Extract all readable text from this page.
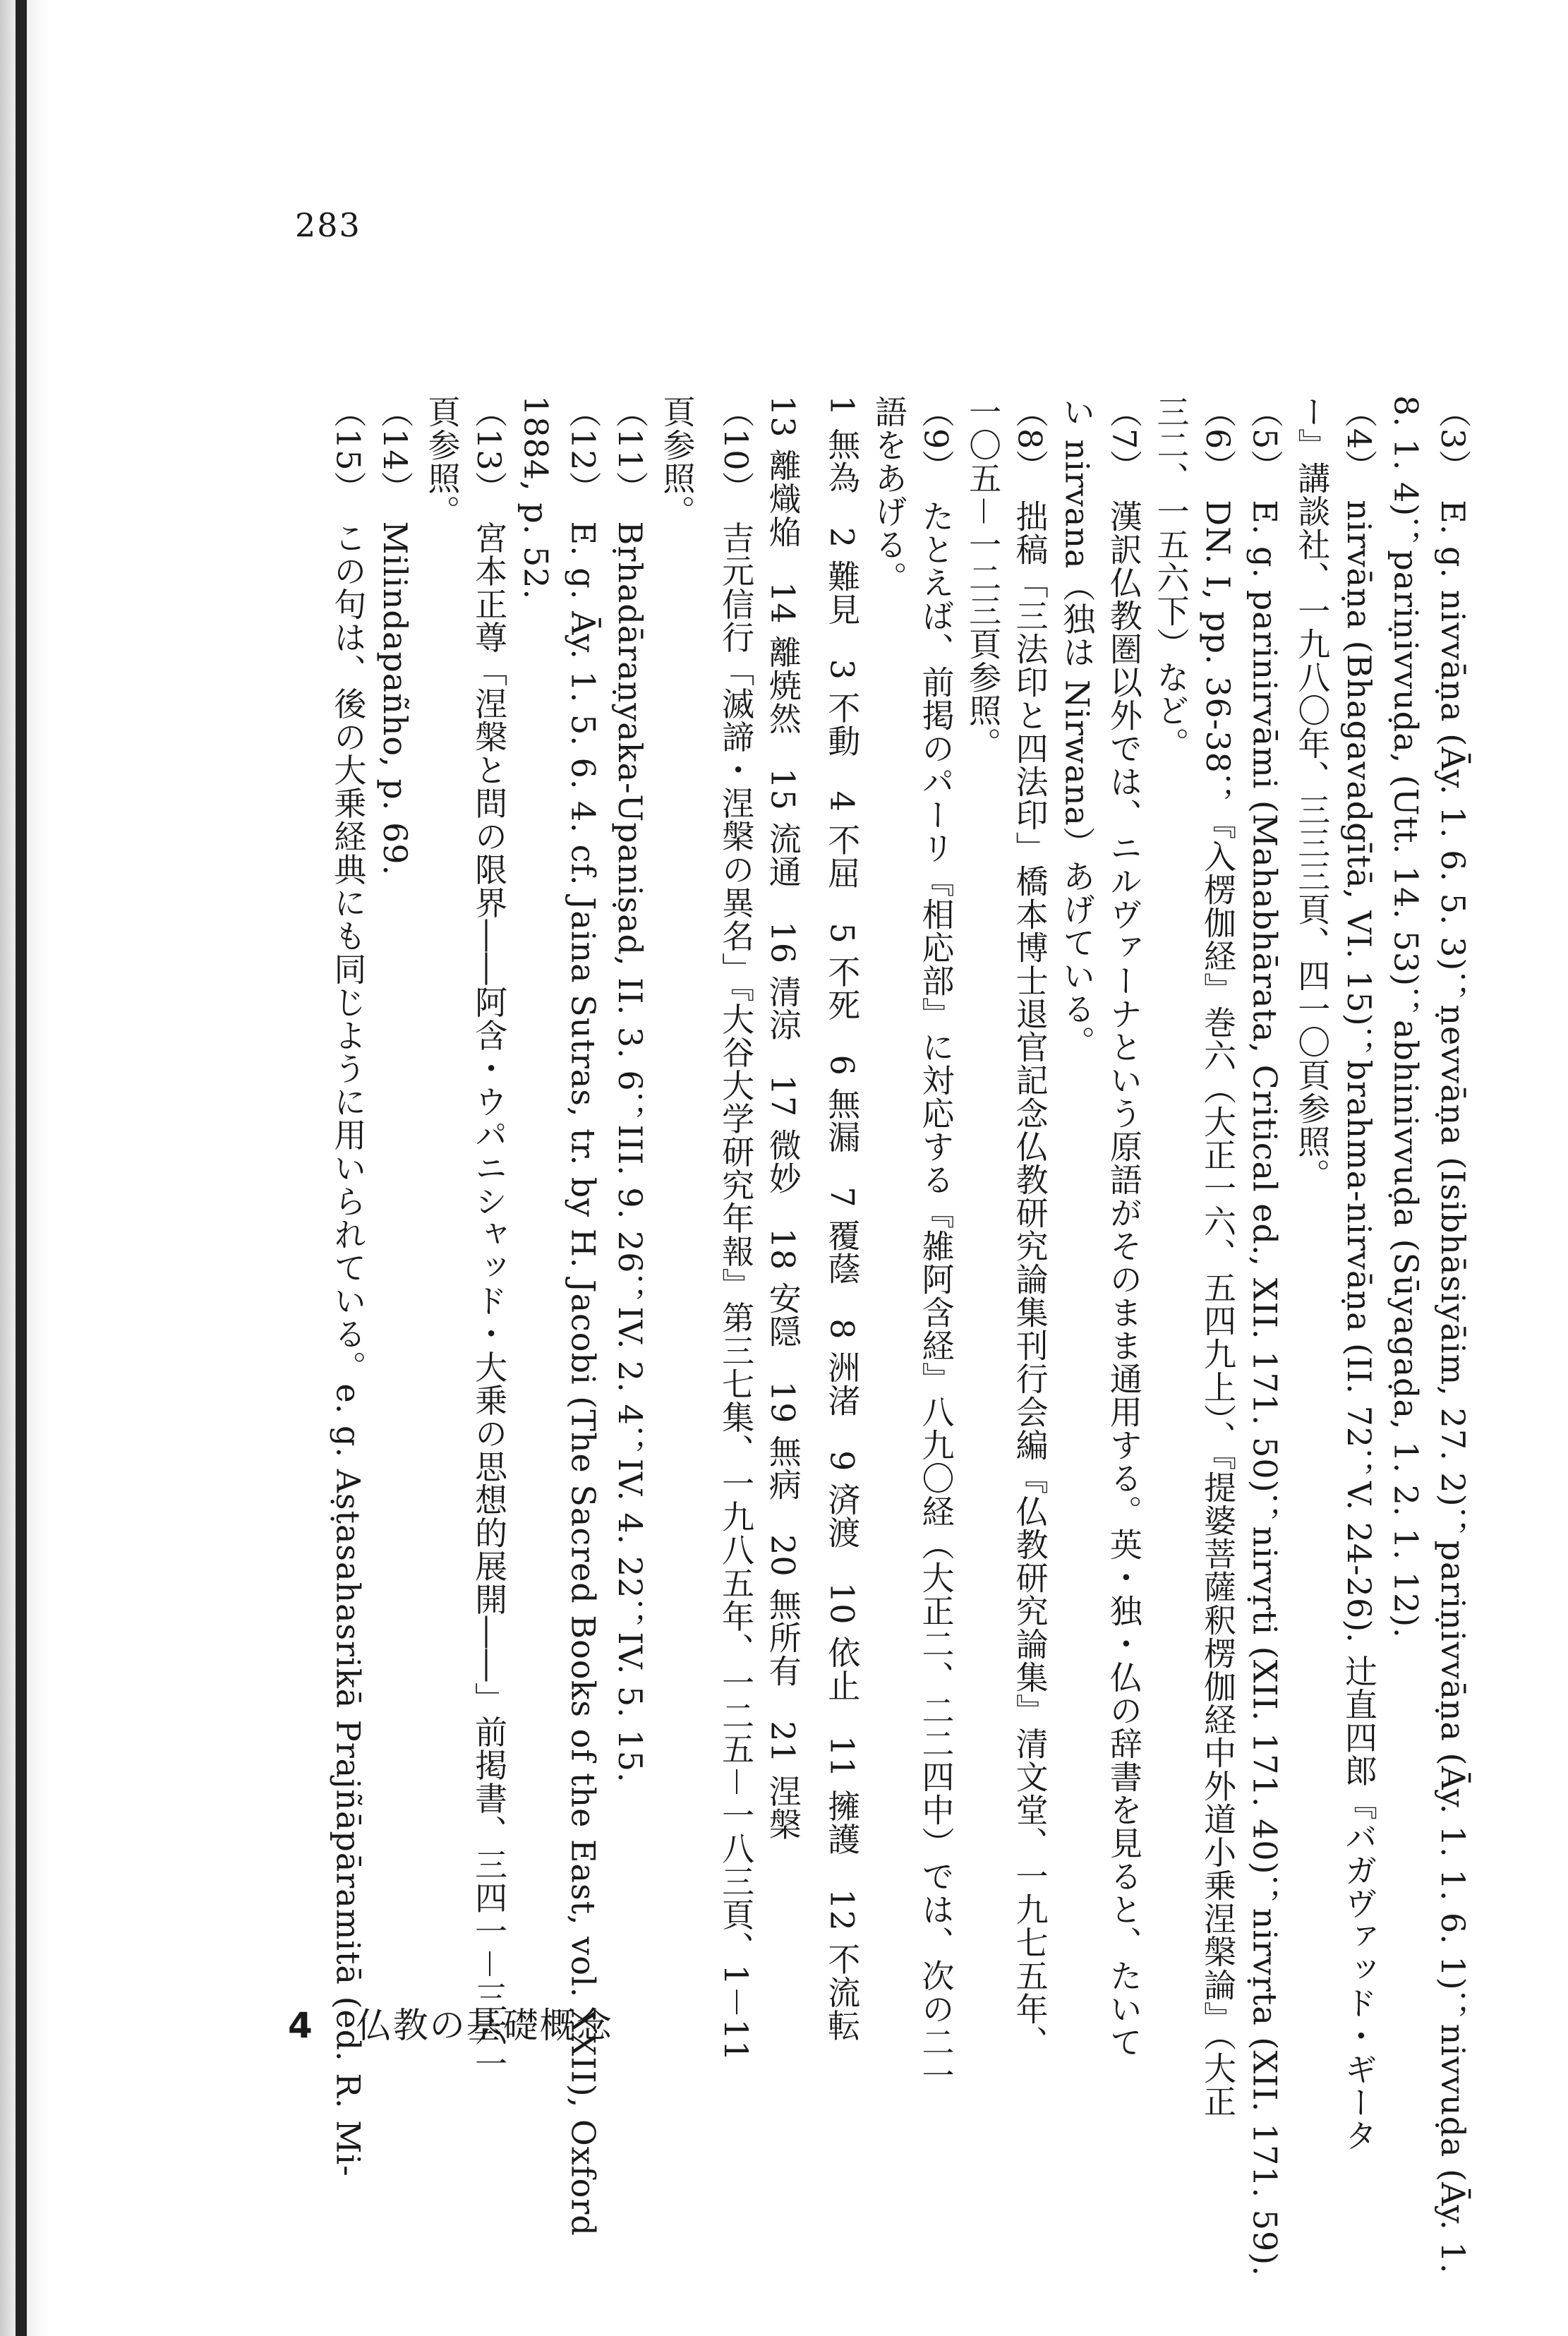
283
（3）　E. g. nivvāṇa (Āy. 1. 6. 5. 3)；ṇevvāṇa (Isibhāsiyāim, 27. 2)；pariṇivvāṇa (Āy. 1. 1. 6. 1)；nivvuḍa (Āy. 1.
8. 1. 4)；pariṇivvuḍa, (Utt. 14. 53)；abhinivvuḍa (Sūyagaḍa, 1. 2. 1. 12).
（4）　nirvāṇa (Bhagavadgītā, VI. 15)；brahma-nirvāṇa (II. 72；V. 24-26). 辻直四郎『バガヴァッド・ギータ
ー』講談社、一九八〇年、三三三頁、四一〇頁参照。
（5）　E. g. parinirvāmi (Mahabhārata, Critical ed., XII. 171. 50)；nirvṛti (XII. 171. 40)；nirvṛta (XII. 171. 59).
（6）　DN. I, pp. 36-38；『入楞伽経』巻六（大正一六、五四九上）、『提婆菩薩釈楞伽経中外道小乗涅槃論』（大正
三二、一五六下）など。
（7）　漢訳仏教圏以外では、ニルヴァーナという原語がそのまま通用する。英・独・仏の辞書を見ると、たいて
い nirvana（独は Nirwana）あげている。
（8）　拙稿「三法印と四法印」橋本博士退官記念仏教研究論集刊行会編『仏教研究論集』清文堂、一九七五年、
一〇五－一二三頁参照。
（9）　たとえば、前掲のパーリ『相応部』に対応する『雑阿含経』八九〇経（大正二、二二四中）では、次の二一
語をあげる。
1 無為　2 難見　3 不動　4 不屈　5 不死　6 無漏　7 覆蔭　8 洲渚　9 済渡　10 依止　11 擁護　12 不流転
13 離熾焔　14 離焼然　15 流通　16 清涼　17 微妙　18 安隠　19 無病　20 無所有　21 涅槃
（10）　吉元信行「滅諦・涅槃の異名」『大谷大学研究年報』第三七集、一九八五年、一二五－一八三頁、1－11
頁参照。
（11）　Bṛhadāraṇyaka-Upaniṣad, II. 3. 6；III. 9. 26；IV. 2. 4；IV. 4. 22；IV. 5. 15.
（12）　E. g. Āy. 1. 5. 6. 4. cf. Jaina Sutras, tr. by H. Jacobi (The Sacred Books of the East, vol. XXII), Oxford
1884, p. 52.
（13）　宮本正尊「涅槃と問の限界――阿含・ウパニシャッド・大乗の思想的展開――」前掲書、三四一－三六一
頁参照。
（14）　Milindapañho, p. 69.
（15）　この句は、後の大乗経典にも同じように用いられている。e. g. Aṣṭasahasrikā Prajñāpāramitā (ed. R. Mi-
4 仏教の基礎概念
